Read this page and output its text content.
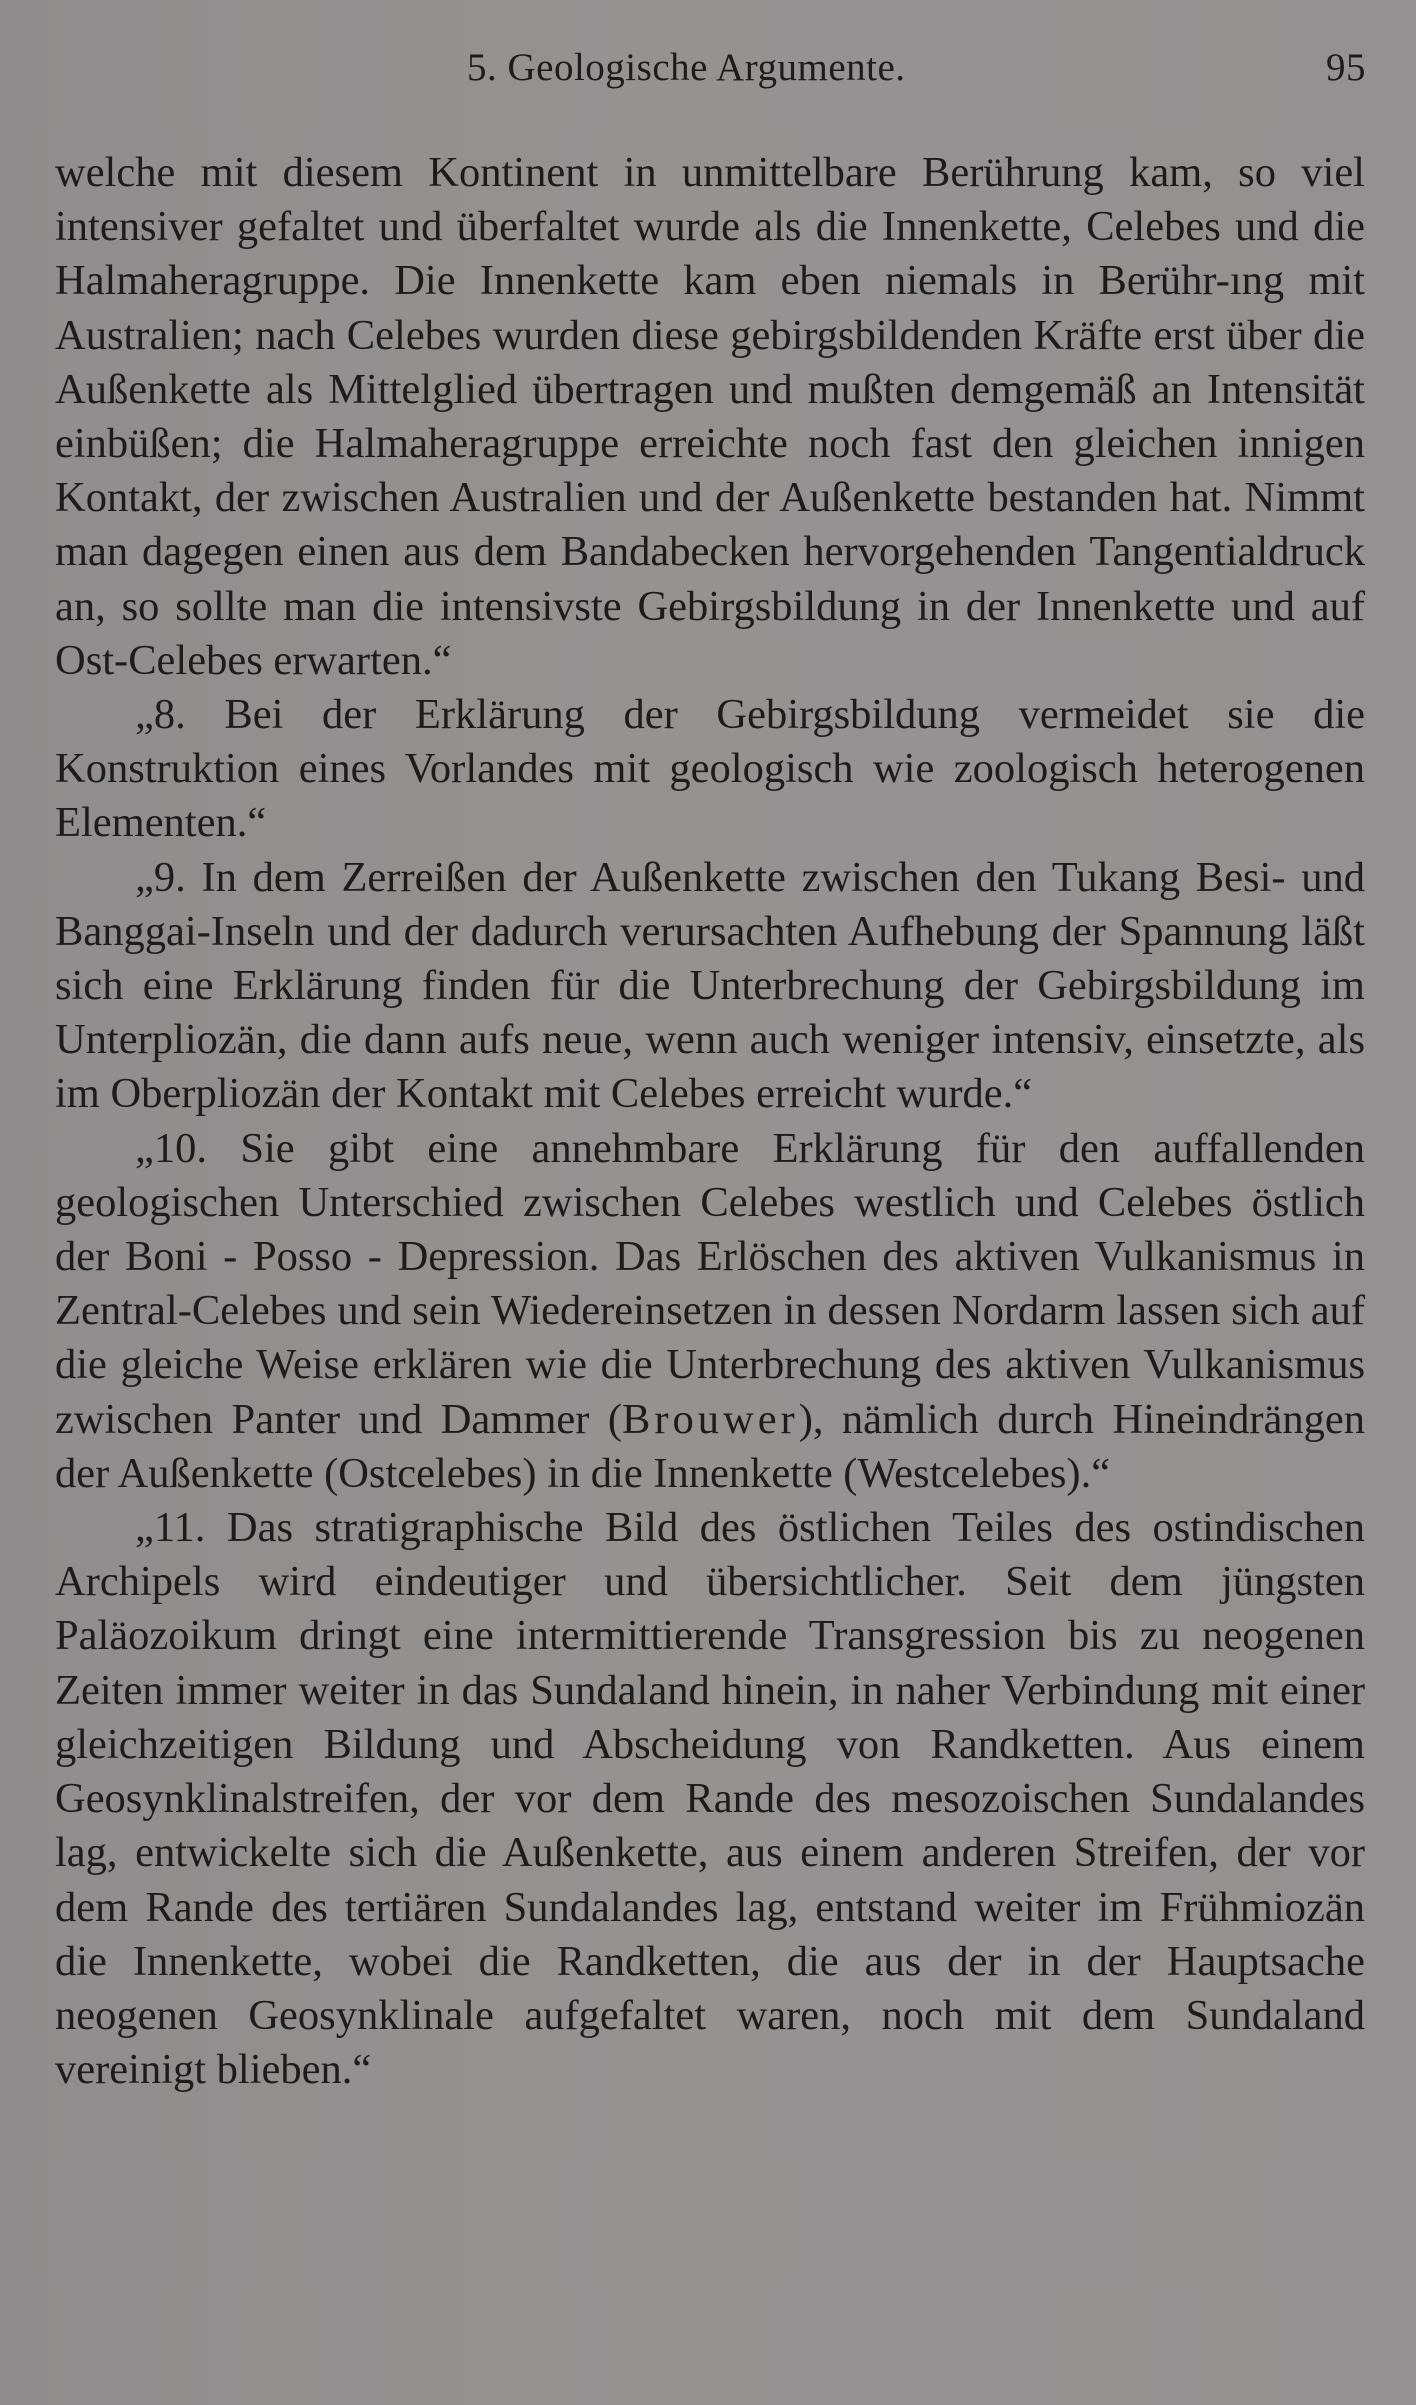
5. Geologische Argumente.	95

welche mit diesem Kontinent in unmittelbare Berührung kam, so viel intensiver gefaltet und überfaltet wurde als die Innenkette, Celebes und die Halmaheragruppe. Die Innenkette kam eben niemals in Berühr-ıng mit Australien; nach Celebes wurden diese gebirgsbildenden Kräfte erst über die Außenkette als Mittelglied übertragen und mußten demgemäß an Intensität einbüßen; die Halmaheragruppe erreichte noch fast den gleichen innigen Kontakt, der zwischen Australien und der Außenkette bestanden hat. Nimmt man dagegen einen aus dem Bandabecken hervorgehenden Tangentialdruck an, so sollte man die intensivste Gebirgsbildung in der Innenkette und auf Ost-Celebes erwarten.“

„8. Bei der Erklärung der Gebirgsbildung vermeidet sie die Konstruktion eines Vorlandes mit geologisch wie zoologisch heterogenen Elementen.“

„9. In dem Zerreißen der Außenkette zwischen den Tukang Besi- und Banggai-Inseln und der dadurch verursachten Aufhebung der Spannung läßt sich eine Erklärung finden für die Unterbrechung der Gebirgsbildung im Unterpliozän, die dann aufs neue, wenn auch weniger intensiv, einsetzte, als im Oberpliozän der Kontakt mit Celebes erreicht wurde.“

„10. Sie gibt eine annehmbare Erklärung für den auffallenden geologischen Unterschied zwischen Celebes westlich und Celebes östlich der Boni - Posso - Depression. Das Erlöschen des aktiven Vulkanismus in Zentral-Celebes und sein Wiedereinsetzen in dessen Nordarm lassen sich auf die gleiche Weise erklären wie die Unterbrechung des aktiven Vulkanismus zwischen Panter und Dammer (Brouwer), nämlich durch Hineindrängen der Außenkette (Ostcelebes) in die Innenkette (Westcelebes).“

„11. Das stratigraphische Bild des östlichen Teiles des ostindischen Archipels wird eindeutiger und übersichtlicher. Seit dem jüngsten Paläozoikum dringt eine intermittierende Transgression bis zu neogenen Zeiten immer weiter in das Sundaland hinein, in naher Verbindung mit einer gleichzeitigen Bildung und Abscheidung von Randketten. Aus einem Geosynklinalstreifen, der vor dem Rande des mesozoischen Sundalandes lag, entwickelte sich die Außenkette, aus einem anderen Streifen, der vor dem Rande des tertiären Sundalandes lag, entstand weiter im Frühmiozän die Innenkette, wobei die Randketten, die aus der in der Hauptsache neogenen Geosynklinale aufgefaltet waren, noch mit dem Sundaland vereinigt blieben.“
